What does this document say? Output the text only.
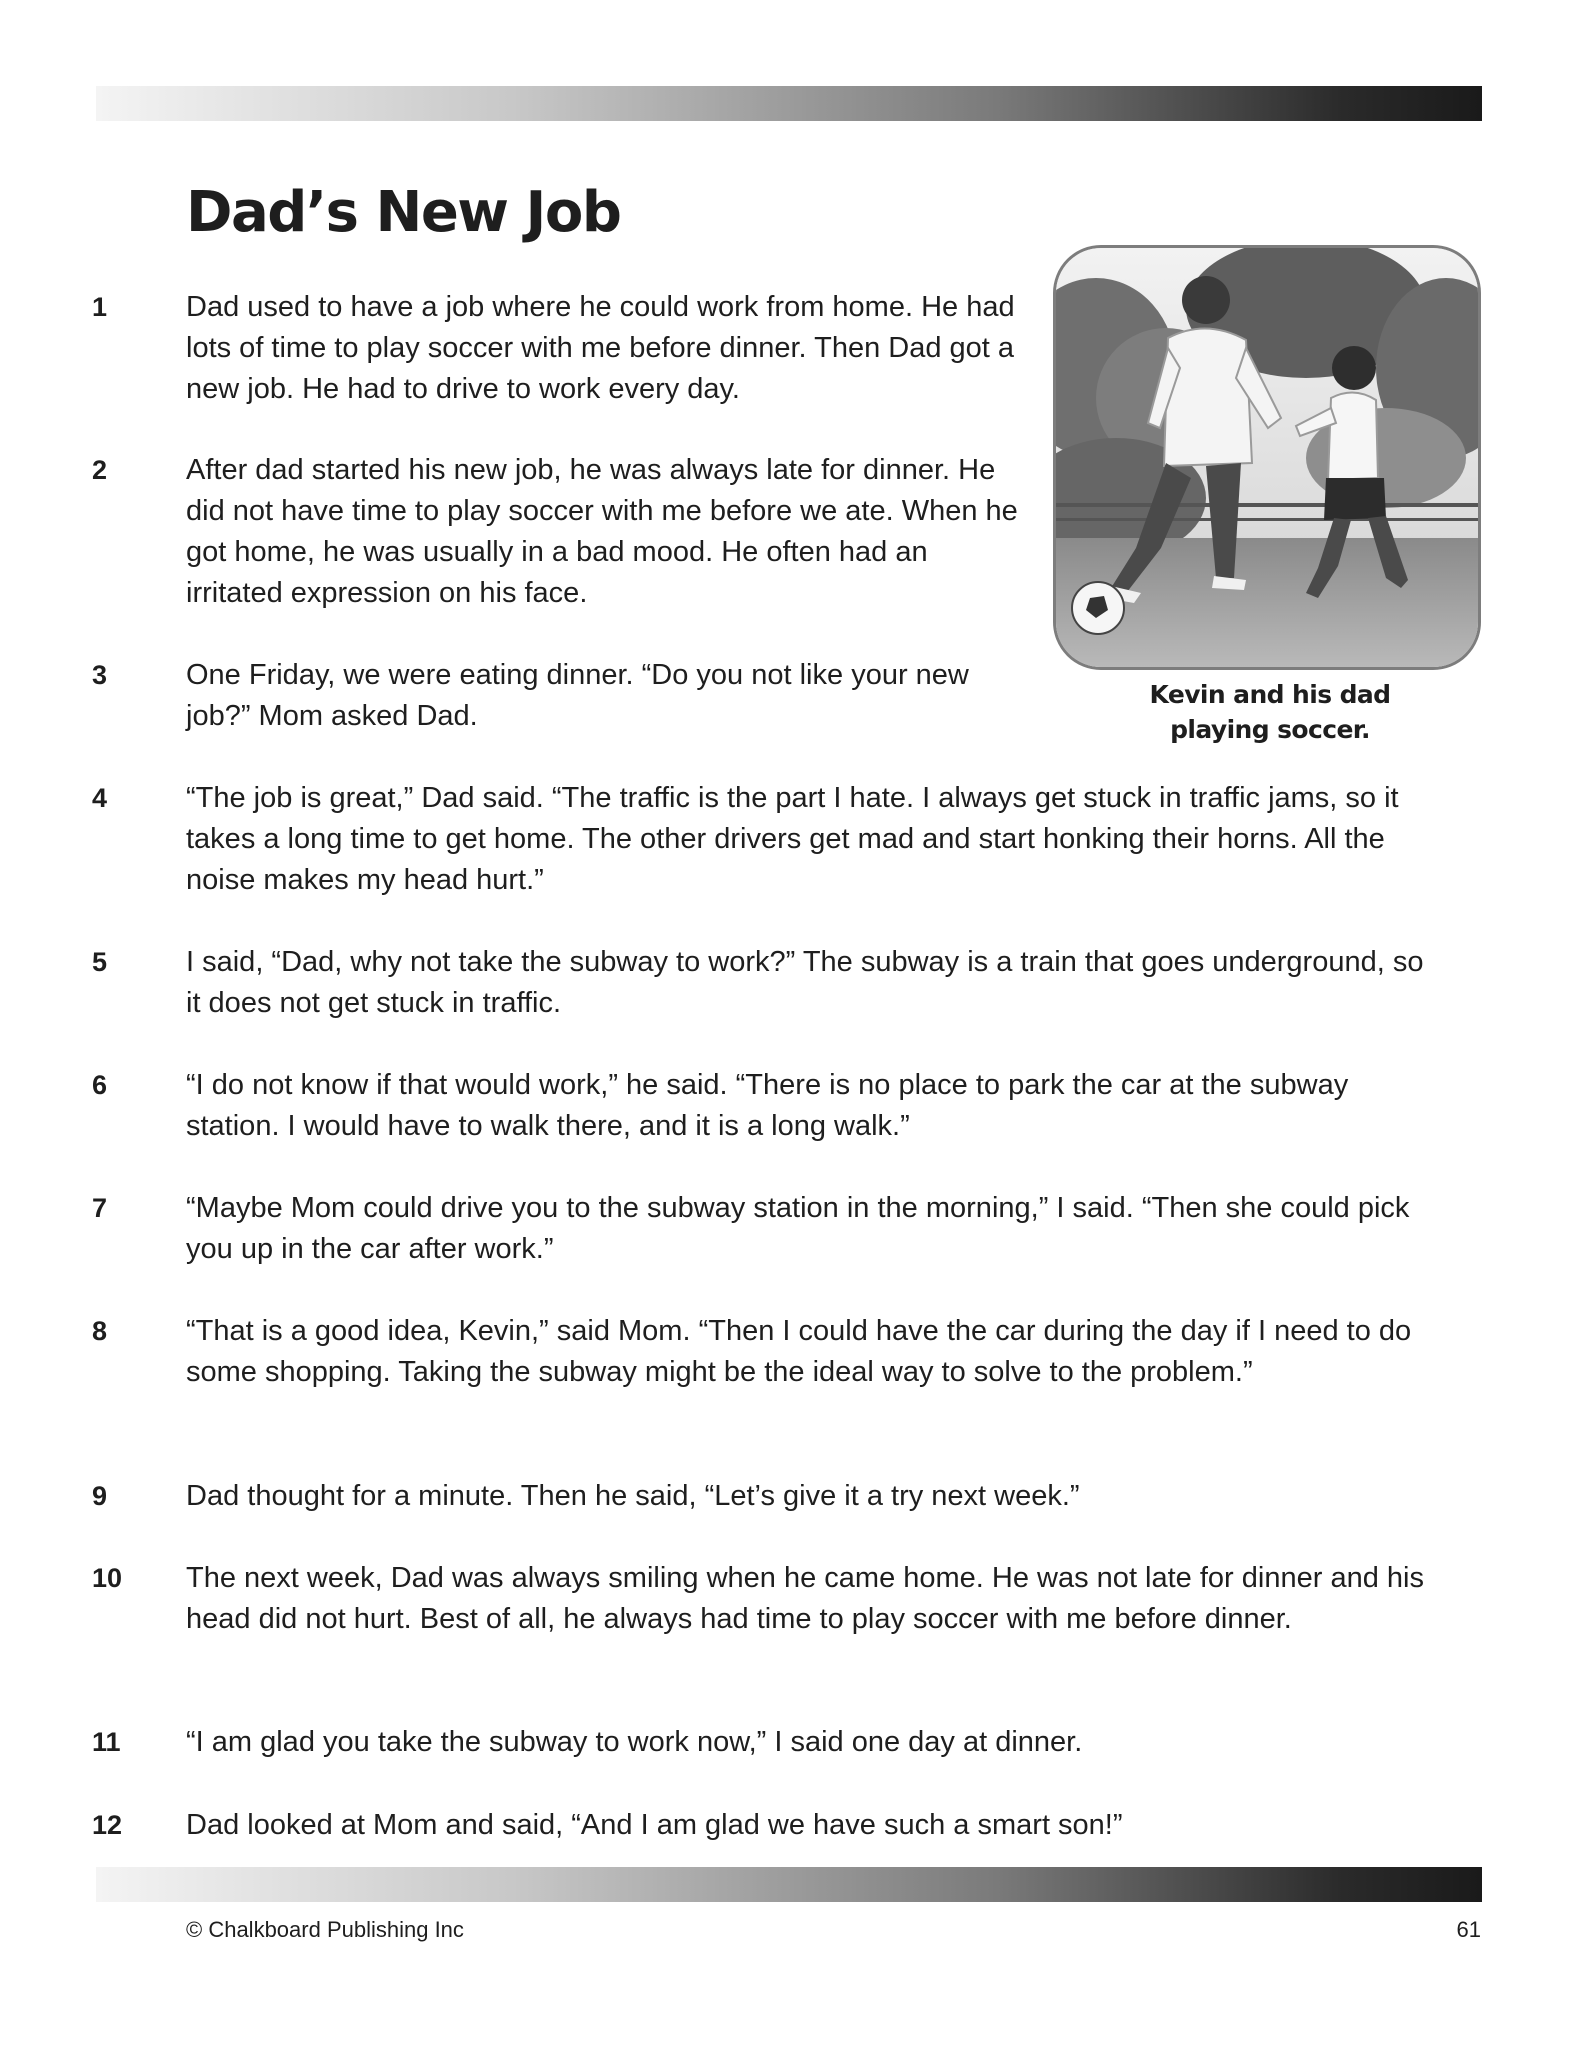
Dad’s New Job
Kevin and his dad
playing soccer.
1	Dad used to have a job where he could work from home. He had lots of time to play soccer with me before dinner. Then Dad got a new job. He had to drive to work every day.

2	After dad started his new job, he was always late for dinner. He did not have time to play soccer with me before we ate. When he got home, he was usually in a bad mood. He often had an irritated expression on his face.

3	One Friday, we were eating dinner. “Do you not like your new job?” Mom asked Dad.

4	“The job is great,” Dad said. “The traffic is the part I hate. I always get stuck in traffic jams, so it takes a long time to get home. The other drivers get mad and start honking their horns. All the noise makes my head hurt.”

5	I said, “Dad, why not take the subway to work?” The subway is a train that goes underground, so it does not get stuck in traffic.

6	“I do not know if that would work,” he said. “There is no place to park the car at the subway station. I would have to walk there, and it is a long walk.”

7	“Maybe Mom could drive you to the subway station in the morning,” I said. “Then she could pick you up in the car after work.”

8	“That is a good idea, Kevin,” said Mom. “Then I could have the car during the day if I need to do some shopping. Taking the subway might be the ideal way to solve to the problem.”

9	Dad thought for a minute. Then he said, “Let’s give it a try next week.”

10 The next week, Dad was always smiling when he came home. He was not late for dinner and his head did not hurt. Best of all, he always had time to play soccer with me before dinner.

11 “I am glad you take the subway to work now,” I said one day at dinner.

12 Dad looked at Mom and said, “And I am glad we have such a smart son!”

© Chalkboard Publishing Inc	61
